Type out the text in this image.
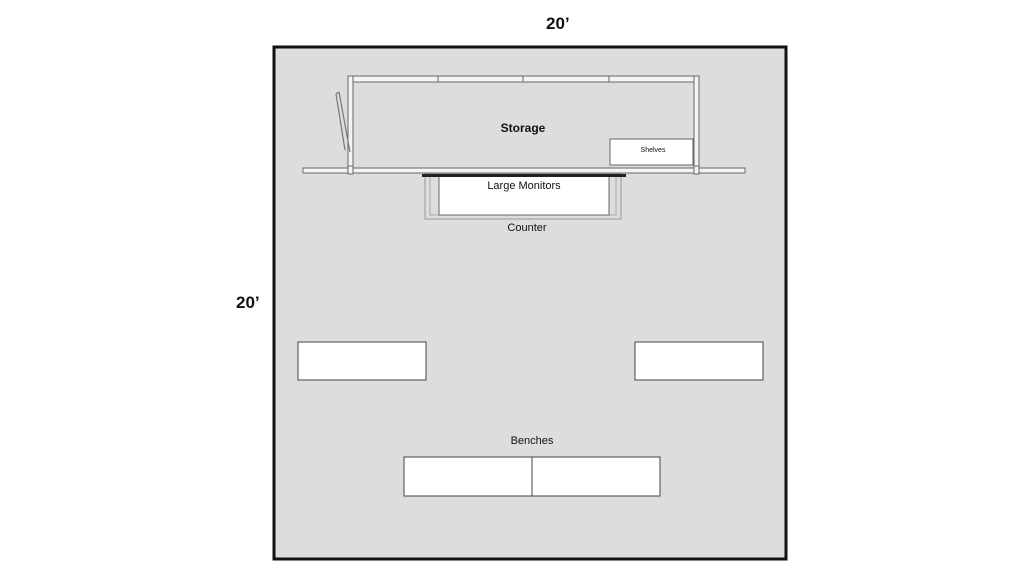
20’
20’
Storage
Shelves
Large Monitors
Counter
Benches
